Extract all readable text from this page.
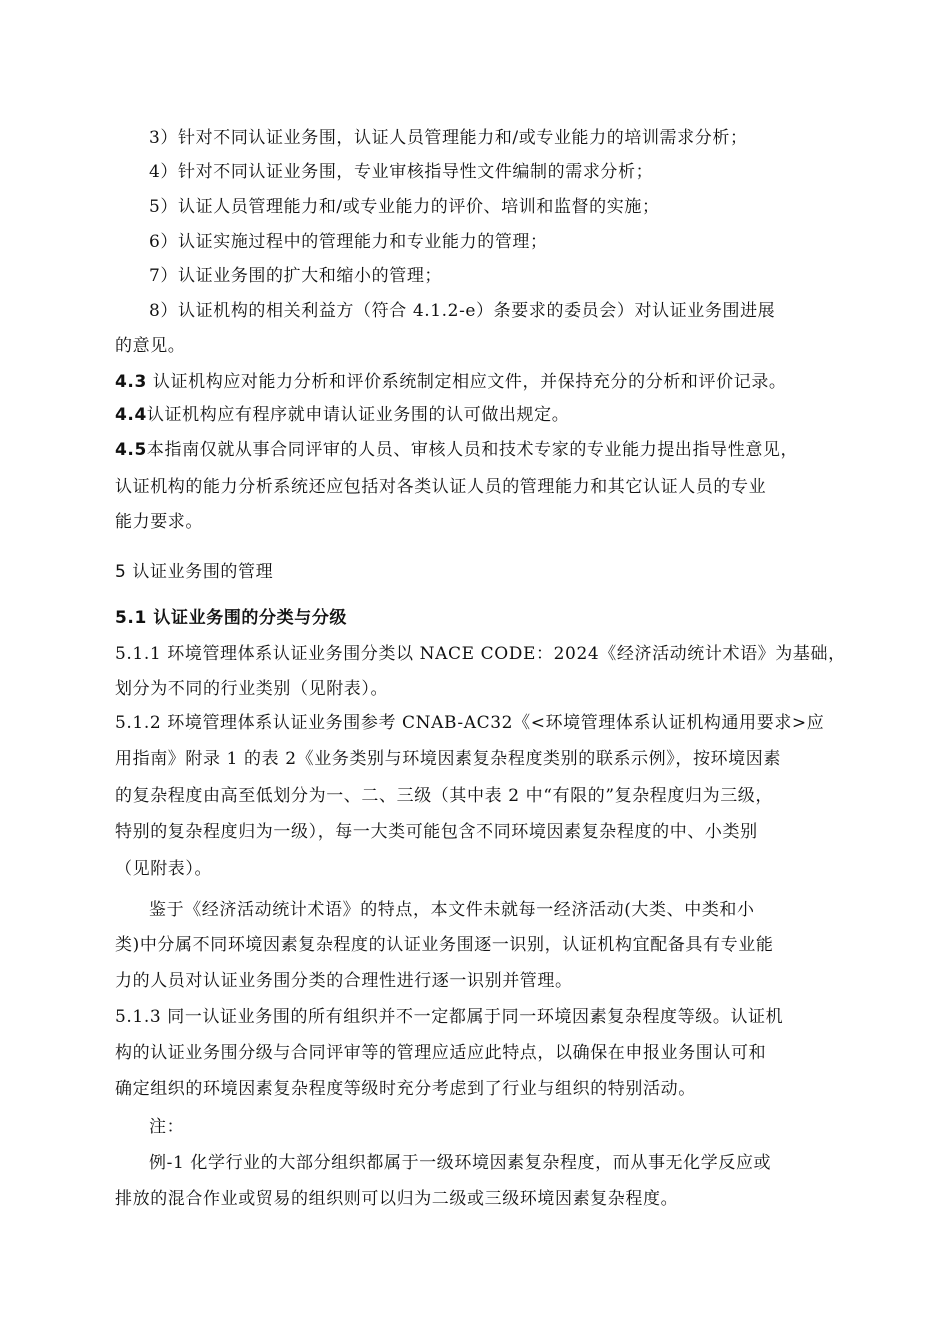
3）针对不同认证业务围，认证人员管理能力和/或专业能力的培训需求分析；
4）针对不同认证业务围，专业审核指导性文件编制的需求分析；
5）认证人员管理能力和/或专业能力的评价、培训和监督的实施；
6）认证实施过程中的管理能力和专业能力的管理；
7）认证业务围的扩大和缩小的管理；
8）认证机构的相关利益方（符合 4.1.2-e）条要求的委员会）对认证业务围进展
的意见。
4.3 认证机构应对能力分析和评价系统制定相应文件，并保持充分的分析和评价记录。
4.4认证机构应有程序就申请认证业务围的认可做出规定。
4.5本指南仅就从事合同评审的人员、审核人员和技术专家的专业能力提出指导性意见，
认证机构的能力分析系统还应包括对各类认证人员的管理能力和其它认证人员的专业
能力要求。
5 认证业务围的管理
5.1 认证业务围的分类与分级
5.1.1 环境管理体系认证业务围分类以 NACE CODE：2024《经济活动统计术语》为基础，
划分为不同的行业类别（见附表）。
5.1.2 环境管理体系认证业务围参考 CNAB-AC32《<环境管理体系认证机构通用要求>应
用指南》附录 1 的表 2《业务类别与环境因素复杂程度类别的联系示例》，按环境因素
的复杂程度由高至低划分为一、二、三级（其中表 2 中“有限的”复杂程度归为三级，
特别的复杂程度归为一级），每一大类可能包含不同环境因素复杂程度的中、小类别
（见附表）。
鉴于《经济活动统计术语》的特点，本文件未就每一经济活动(大类、中类和小
类)中分属不同环境因素复杂程度的认证业务围逐一识别，认证机构宜配备具有专业能
力的人员对认证业务围分类的合理性进行逐一识别并管理。
5.1.3 同一认证业务围的所有组织并不一定都属于同一环境因素复杂程度等级。认证机
构的认证业务围分级与合同评审等的管理应适应此特点，以确保在申报业务围认可和
确定组织的环境因素复杂程度等级时充分考虑到了行业与组织的特别活动。
注：
例-1 化学行业的大部分组织都属于一级环境因素复杂程度，而从事无化学反应或
排放的混合作业或贸易的组织则可以归为二级或三级环境因素复杂程度。
